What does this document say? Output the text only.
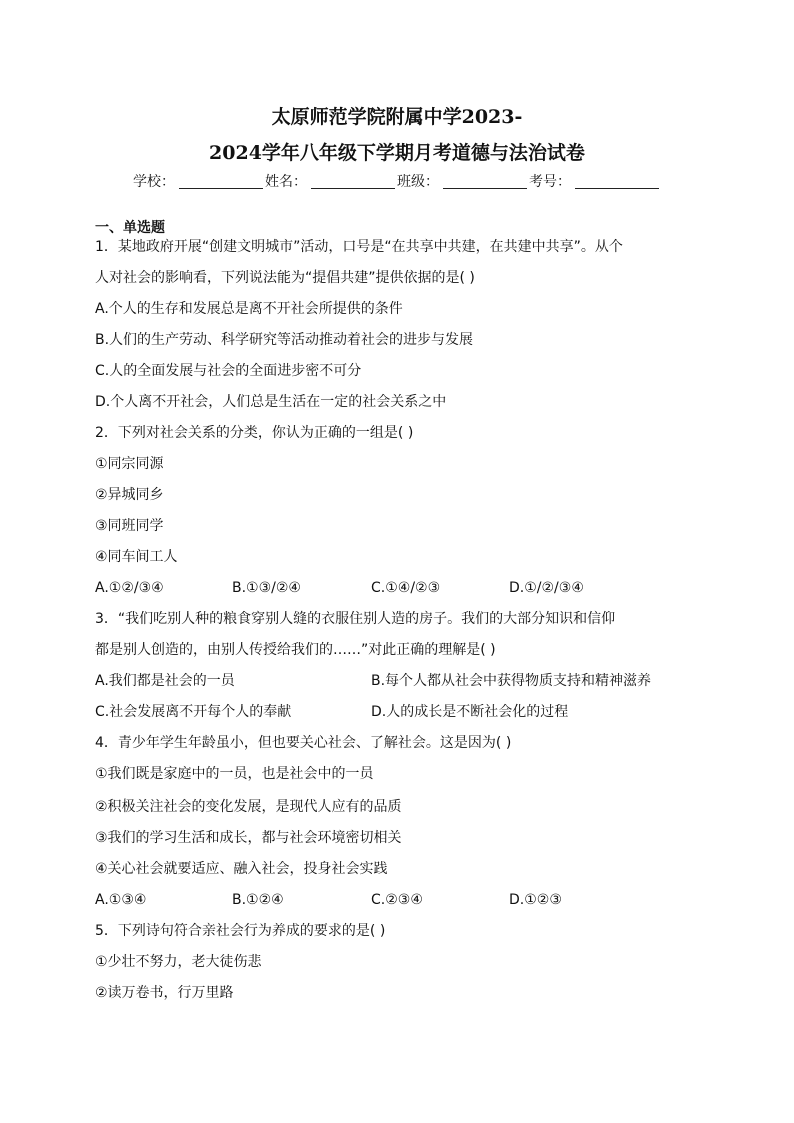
太原师范学院附属中学2023-
2024学年八年级下学期月考道德与法治试卷
学校：	姓名：	班级：	考号：
一、单选题
1．某地政府开展“创建文明城市”活动，口号是“在共享中共建，在共建中共享”。从个
人对社会的影响看，下列说法能为“提倡共建”提供依据的是( )
A.个人的生存和发展总是离不开社会所提供的条件
B.人们的生产劳动、科学研究等活动推动着社会的进步与发展
C.人的全面发展与社会的全面进步密不可分
D.个人离不开社会，人们总是生活在一定的社会关系之中
2．下列对社会关系的分类，你认为正确的一组是( )
①同宗同源
②异城同乡
③同班同学
④同车间工人
A.①②/③④	B.①③/②④	C.①④/②③	D.①/②/③④
3．“我们吃别人种的粮食穿别人缝的衣服住别人造的房子。我们的大部分知识和信仰
都是别人创造的，由别人传授给我们的……”对此正确的理解是( )
A.我们都是社会的一员	B.每个人都从社会中获得物质支持和精神滋养
C.社会发展离不开每个人的奉献	D.人的成长是不断社会化的过程
4．青少年学生年龄虽小，但也要关心社会、了解社会。这是因为( )
①我们既是家庭中的一员，也是社会中的一员
②积极关注社会的变化发展，是现代人应有的品质
③我们的学习生活和成长，都与社会环境密切相关
④关心社会就要适应、融入社会，投身社会实践
A.①③④	B.①②④	C.②③④	D.①②③
5．下列诗句符合亲社会行为养成的要求的是( )
①少壮不努力，老大徒伤悲
②读万卷书，行万里路
